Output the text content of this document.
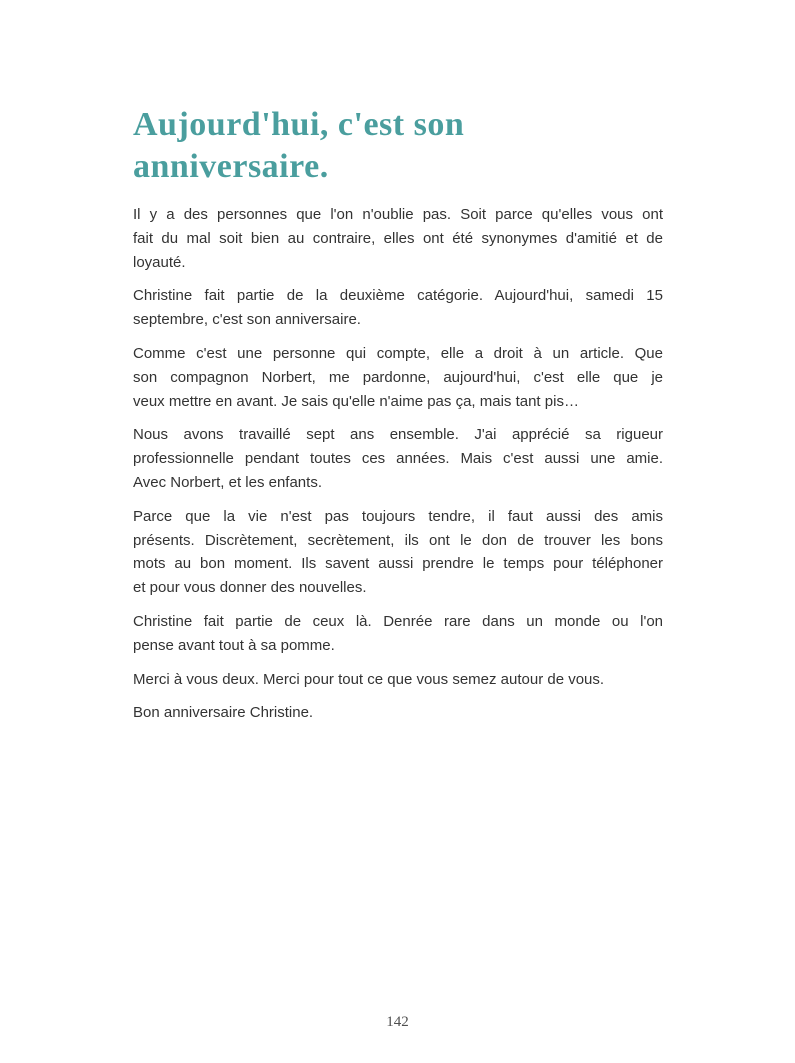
Aujourd'hui, c'est son
anniversaire.

Il y a des personnes que l'on n'oublie pas. Soit parce qu'elles vous ont
fait du mal soit bien au contraire, elles ont été synonymes d'amitié et de
loyauté.

Christine fait partie de la deuxième catégorie. Aujourd'hui, samedi 15
septembre, c'est son anniversaire.

Comme c'est une personne qui compte, elle a droit à un article. Que
son compagnon Norbert, me pardonne, aujourd'hui, c'est elle que je
veux mettre en avant. Je sais qu'elle n'aime pas ça, mais tant pis…

Nous avons travaillé sept ans ensemble. J'ai apprécié sa rigueur
professionnelle pendant toutes ces années. Mais c'est aussi une amie.
Avec Norbert, et les enfants.

Parce que la vie n'est pas toujours tendre, il faut aussi des amis
présents. Discrètement, secrètement, ils ont le don de trouver les bons
mots au bon moment. Ils savent aussi prendre le temps pour téléphoner
et pour vous donner des nouvelles.

Christine fait partie de ceux là. Denrée rare dans un monde ou l'on
pense avant tout à sa pomme.

Merci à vous deux. Merci pour tout ce que vous semez autour de vous.

Bon anniversaire Christine.

142
